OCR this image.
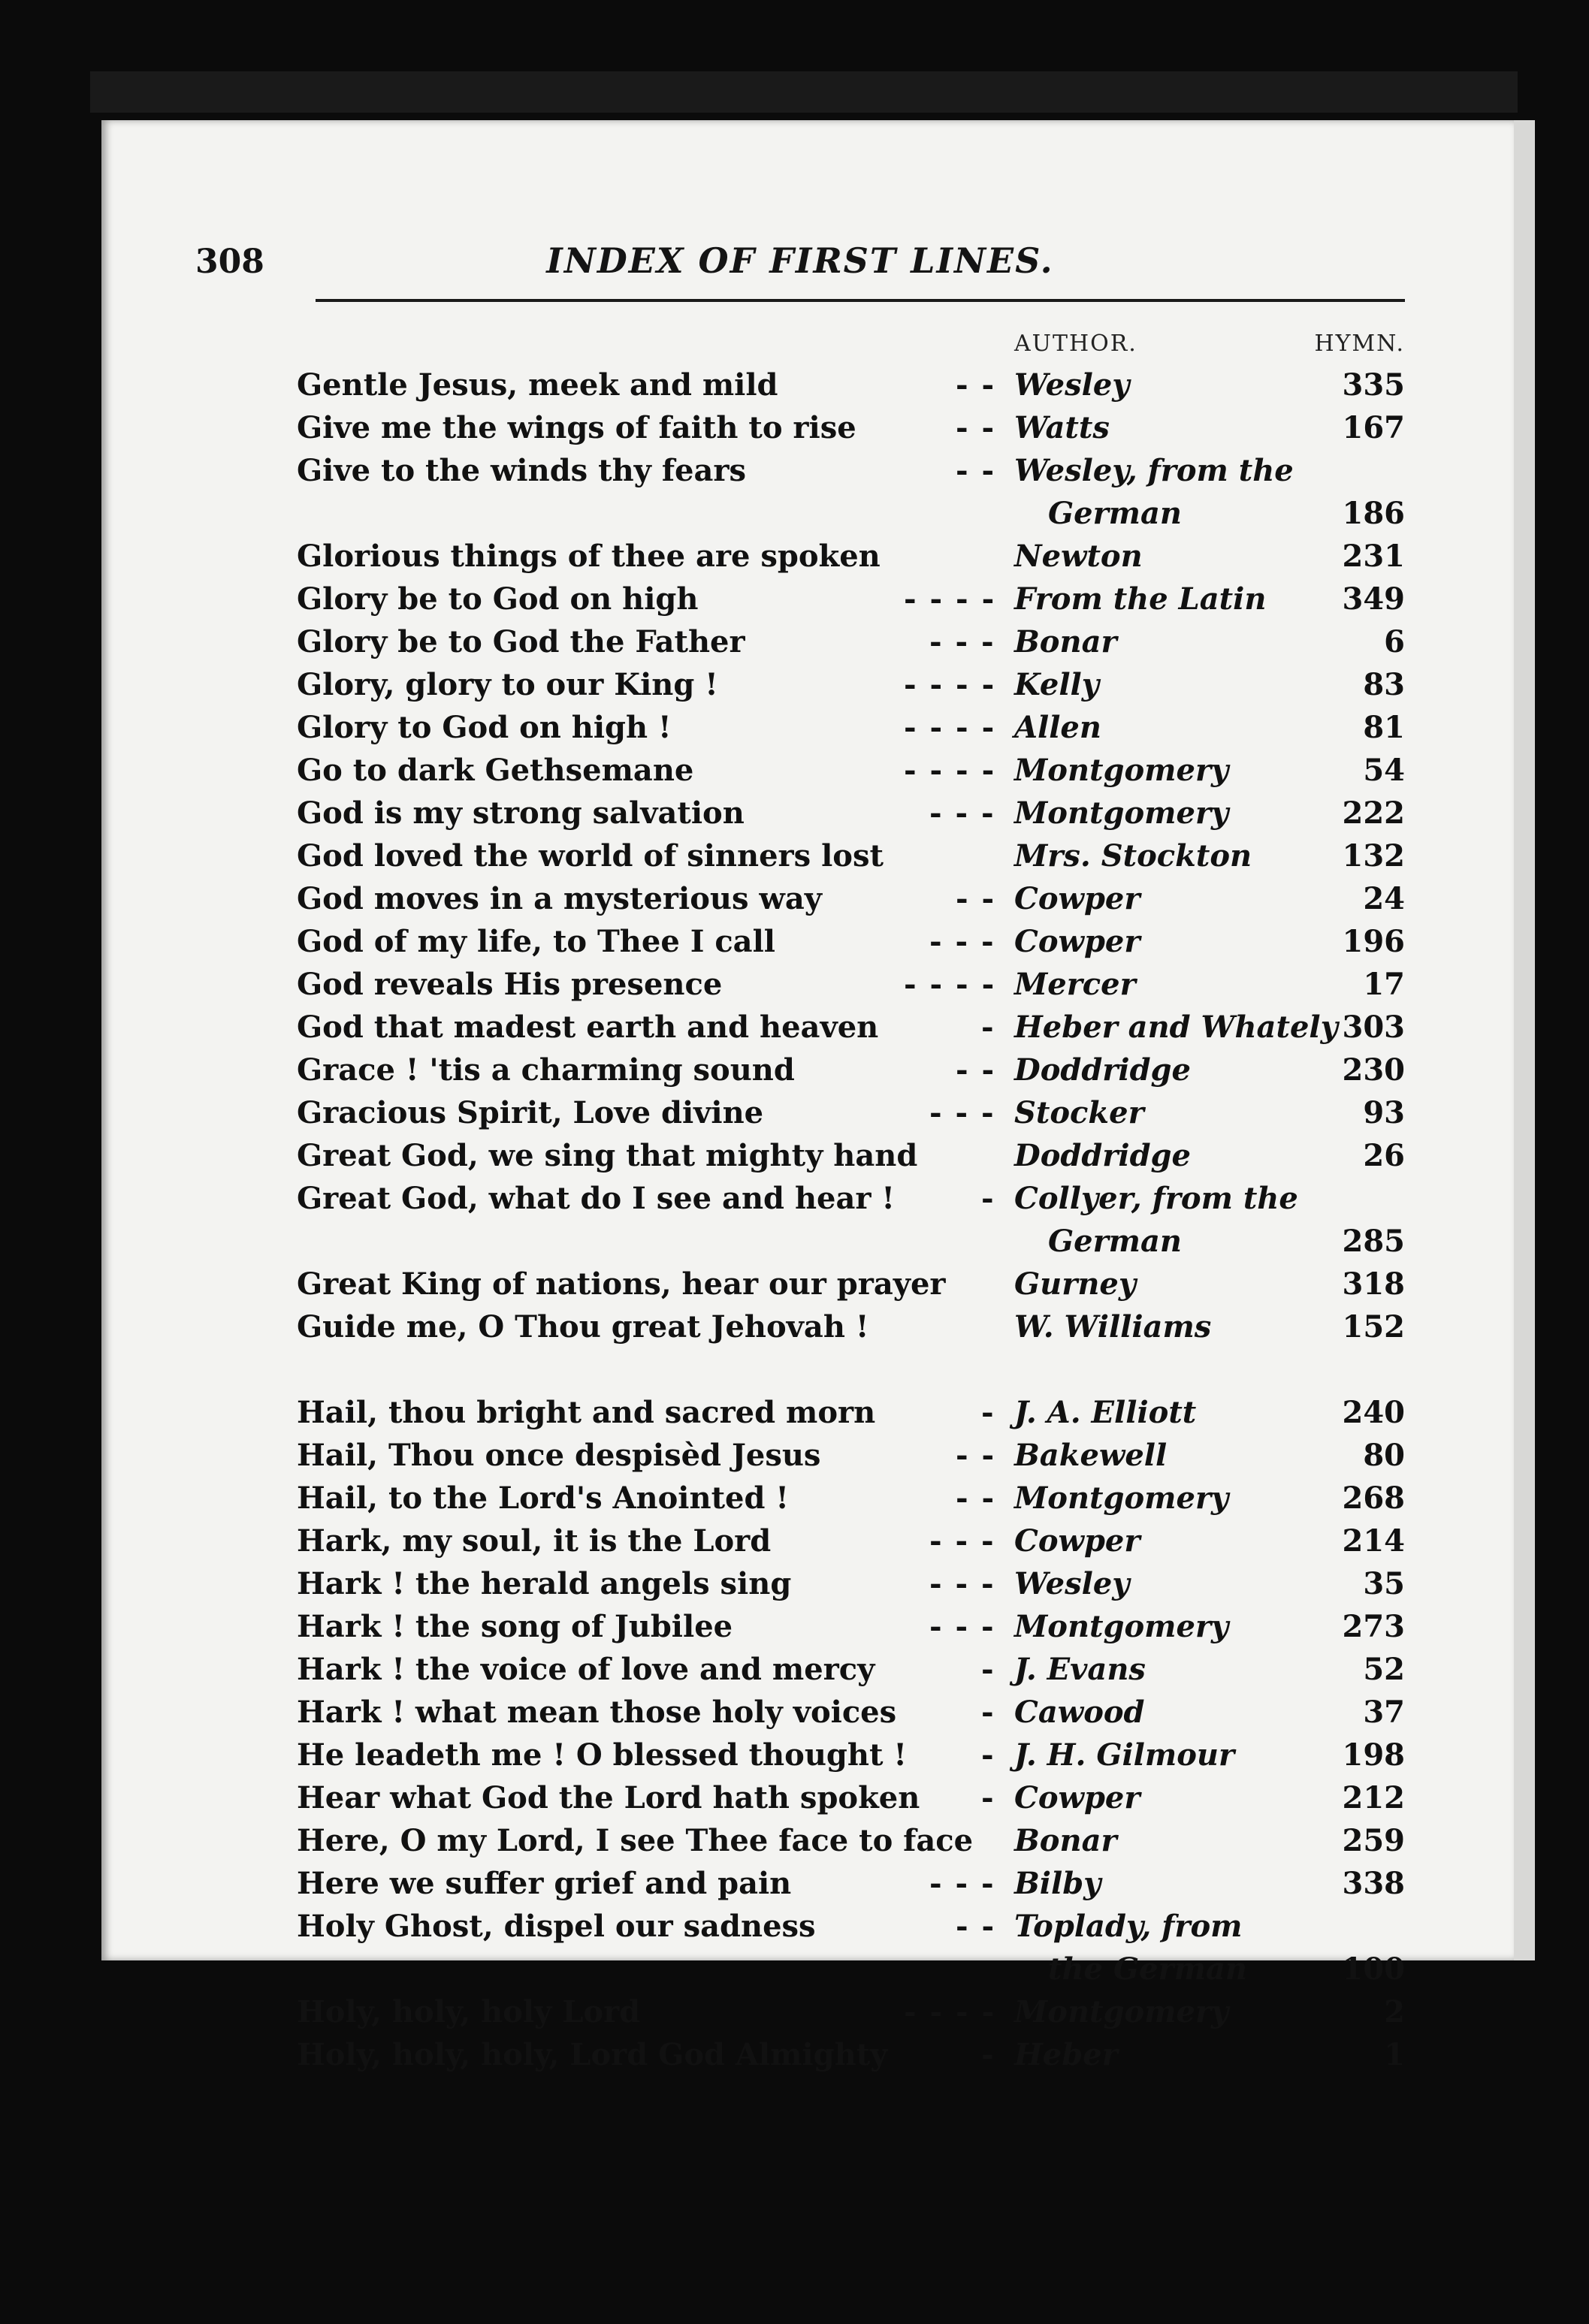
308	INDEX OF FIRST LINES.
AUTHOR.	HYMN.
Gentle Jesus, meek and mild	- - Wesley	335
Give me the wings of faith to rise	- - Watts	167
Give to the winds thy fears	- - Wesley, from the
German	186
Glorious things of thee are spoken	Newton	231
Glory be to God on high	- - - - From the Latin	349
Glory be to God the Father	- - - Bonar	6
Glory, glory to our King !	- - - - Kelly	83
Glory to God on high !	- - - - Allen	81
Go to dark Gethsemane	- - - - Montgomery	54
God is my strong salvation	- - - Montgomery	222
God loved the world of sinners lost	Mrs. Stockton	132
God moves in a mysterious way	- - Cowper	24
God of my life, to Thee I call	- - - Cowper	196
God reveals His presence	- - - - Mercer	17
God that madest earth and heaven	- Heber and Whately 303
Grace ! 'tis a charming sound	- - Doddridge	230
Gracious Spirit, Love divine	- - - Stocker	93
Great God, we sing that mighty hand	Doddridge	26
Great God, what do I see and hear !	- Collyer, from the
German	285
Great King of nations, hear our prayer Gurney	318
Guide me, O Thou great Jehovah !	W. Williams	152
Hail, thou bright and sacred morn	- J. A. Elliott	240
Hail, Thou once despisèd Jesus	- - Bakewell	80
Hail, to the Lord's Anointed !	- - Montgomery	268
Hark, my soul, it is the Lord	- - - Cowper	214
Hark ! the herald angels sing	- - - Wesley	35
Hark ! the song of Jubilee	- - - Montgomery	273
Hark ! the voice of love and mercy	- J. Evans	52
Hark ! what mean those holy voices	- Cawood	37
He leadeth me ! O blessed thought ! - J. H. Gilmour	198
Hear what God the Lord hath spoken - Cowper	212
Here, O my Lord, I see Thee face to face Bonar	259
Here we suffer grief and pain	- - - Bilby	338
Holy Ghost, dispel our sadness	- - Toplady, from
the German	100
Holy, holy, holy Lord	- - - - Montgomery	2
Holy, holy, holy, Lord God Almighty	- Heber	1
